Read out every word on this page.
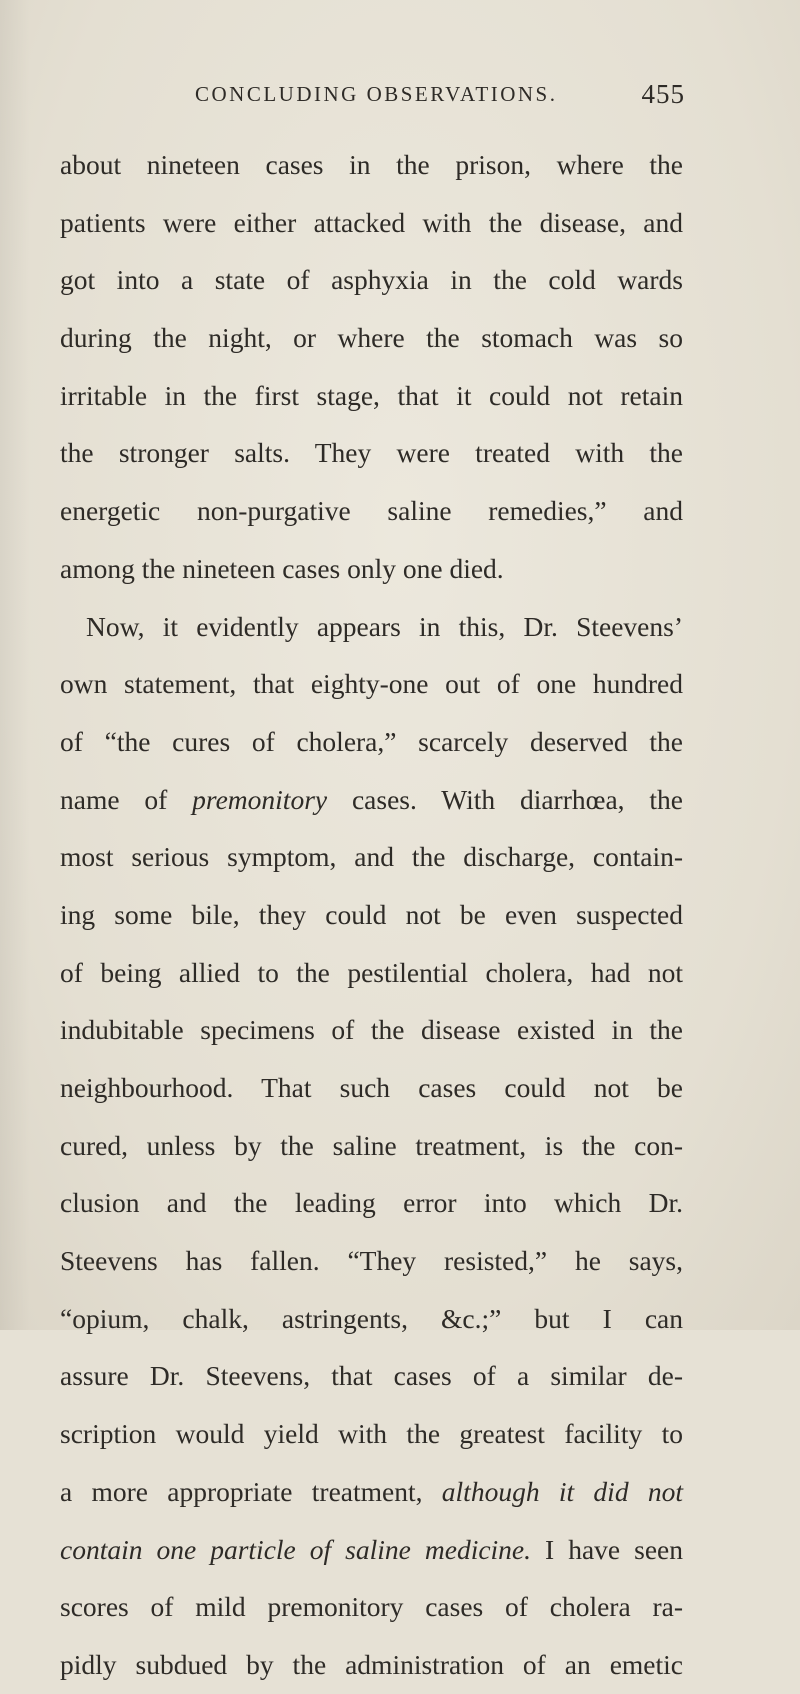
CONCLUDING OBSERVATIONS.	455
about nineteen cases in the prison, where the
patients were either attacked with the disease, and
got into a state of asphyxia in the cold wards
during the night, or where the stomach was so
irritable in the first stage, that it could not retain
the stronger salts. They were treated with the
energetic non-purgative saline remedies,” and
among the nineteen cases only one died.
Now, it evidently appears in this, Dr. Steevens’
own statement, that eighty-one out of one hundred
of “the cures of cholera,” scarcely deserved the
name of premonitory cases. With diarrhœa, the
most serious symptom, and the discharge, contain-
ing some bile, they could not be even suspected
of being allied to the pestilential cholera, had not
indubitable specimens of the disease existed in the
neighbourhood. That such cases could not be
cured, unless by the saline treatment, is the con-
clusion and the leading error into which Dr.
Steevens has fallen. “They resisted,” he says,
“opium, chalk, astringents, &c.;” but I can
assure Dr. Steevens, that cases of a similar de-
scription would yield with the greatest facility to
a more appropriate treatment, although it did not
contain one particle of saline medicine. I have seen
scores of mild premonitory cases of cholera ra-
pidly subdued by the administration of an emetic
